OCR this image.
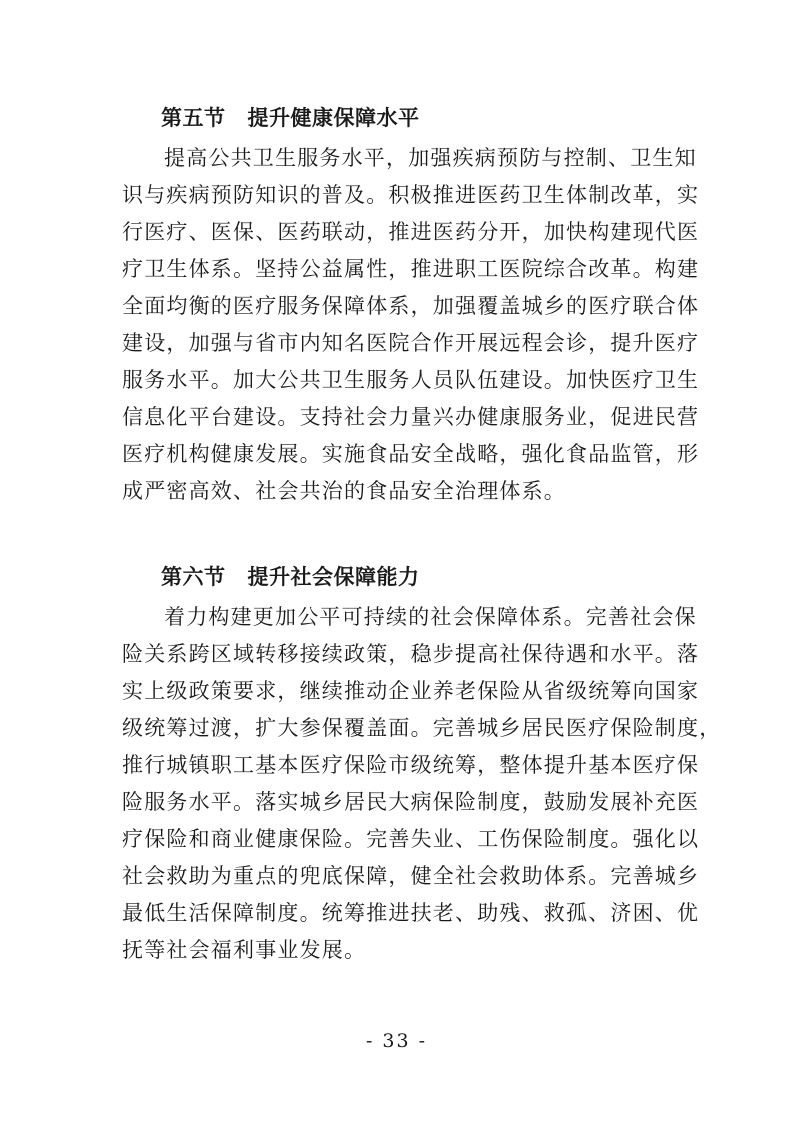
第五节 提升健康保障水平
提高公共卫生服务水平，加强疾病预防与控制、卫生知
识与疾病预防知识的普及。积极推进医药卫生体制改革，实
行医疗、医保、医药联动，推进医药分开，加快构建现代医
疗卫生体系。坚持公益属性，推进职工医院综合改革。构建
全面均衡的医疗服务保障体系，加强覆盖城乡的医疗联合体
建设，加强与省市内知名医院合作开展远程会诊，提升医疗
服务水平。加大公共卫生服务人员队伍建设。加快医疗卫生
信息化平台建设。支持社会力量兴办健康服务业，促进民营
医疗机构健康发展。实施食品安全战略，强化食品监管，形
成严密高效、社会共治的食品安全治理体系。
第六节 提升社会保障能力
着力构建更加公平可持续的社会保障体系。完善社会保
险关系跨区域转移接续政策，稳步提高社保待遇和水平。落
实上级政策要求，继续推动企业养老保险从省级统筹向国家
级统筹过渡，扩大参保覆盖面。完善城乡居民医疗保险制度，
推行城镇职工基本医疗保险市级统筹，整体提升基本医疗保
险服务水平。落实城乡居民大病保险制度，鼓励发展补充医
疗保险和商业健康保险。完善失业、工伤保险制度。强化以
社会救助为重点的兜底保障，健全社会救助体系。完善城乡
最低生活保障制度。统筹推进扶老、助残、救孤、济困、优
抚等社会福利事业发展。
- 33 -
